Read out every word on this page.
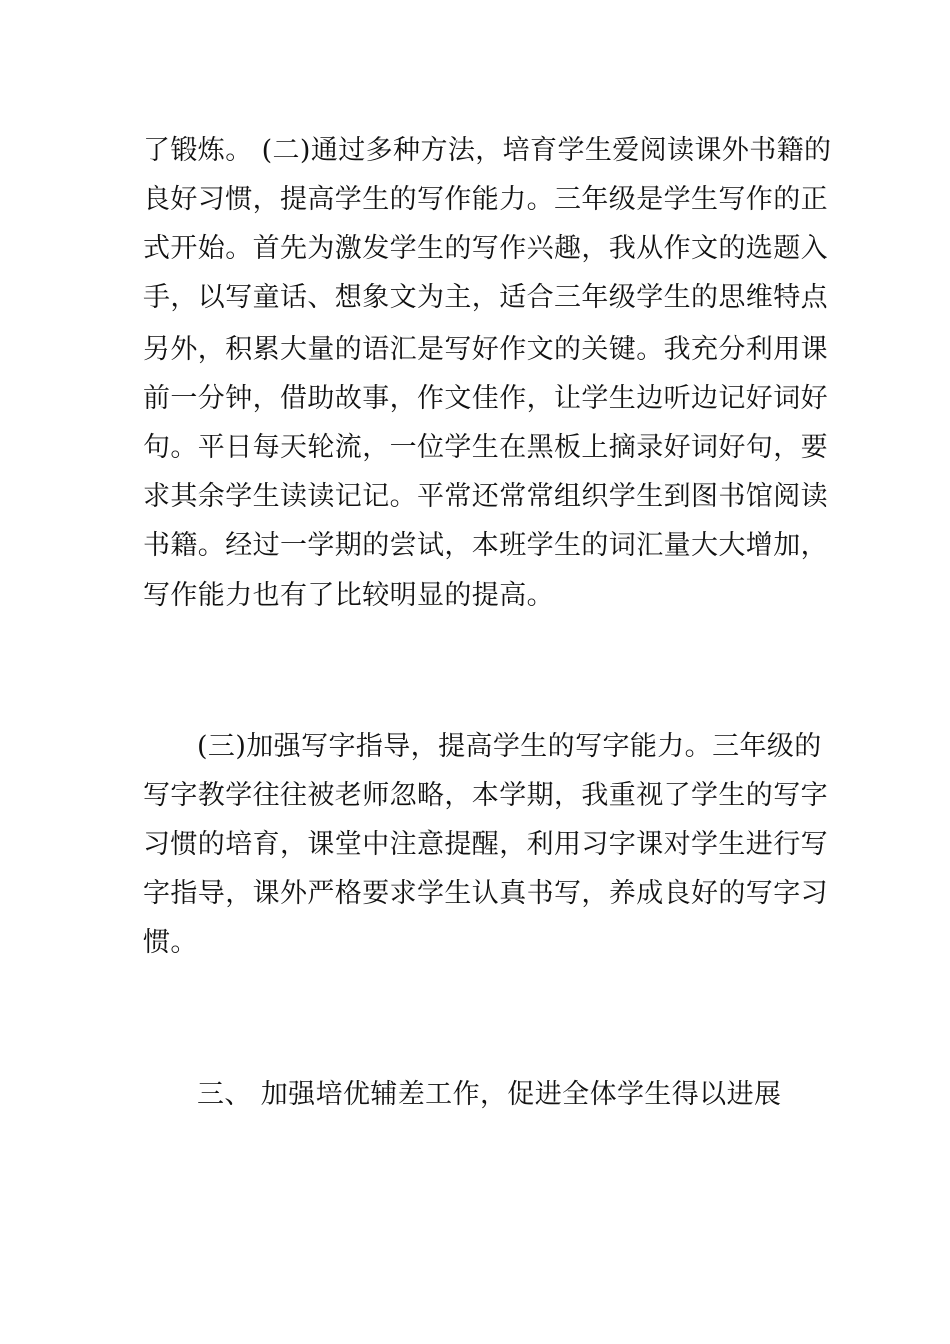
了锻炼。 (二)通过多种方法，培育学生爱阅读课外书籍的
良好习惯，提高学生的写作能力。三年级是学生写作的正
式开始。首先为激发学生的写作兴趣，我从作文的选题入
手，以写童话、想象文为主，适合三年级学生的思维特点
另外，积累大量的语汇是写好作文的关键。我充分利用课
前一分钟，借助故事，作文佳作，让学生边听边记好词好
句。平日每天轮流，一位学生在黑板上摘录好词好句，要
求其余学生读读记记。平常还常常组织学生到图书馆阅读
书籍。经过一学期的尝试，本班学生的词汇量大大增加，
写作能力也有了比较明显的提高。
(三)加强写字指导，提高学生的写字能力。三年级的
写字教学往往被老师忽略，本学期，我重视了学生的写字
习惯的培育，课堂中注意提醒，利用习字课对学生进行写
字指导，课外严格要求学生认真书写，养成良好的写字习
惯。
三、 加强培优辅差工作，促进全体学生得以进展
